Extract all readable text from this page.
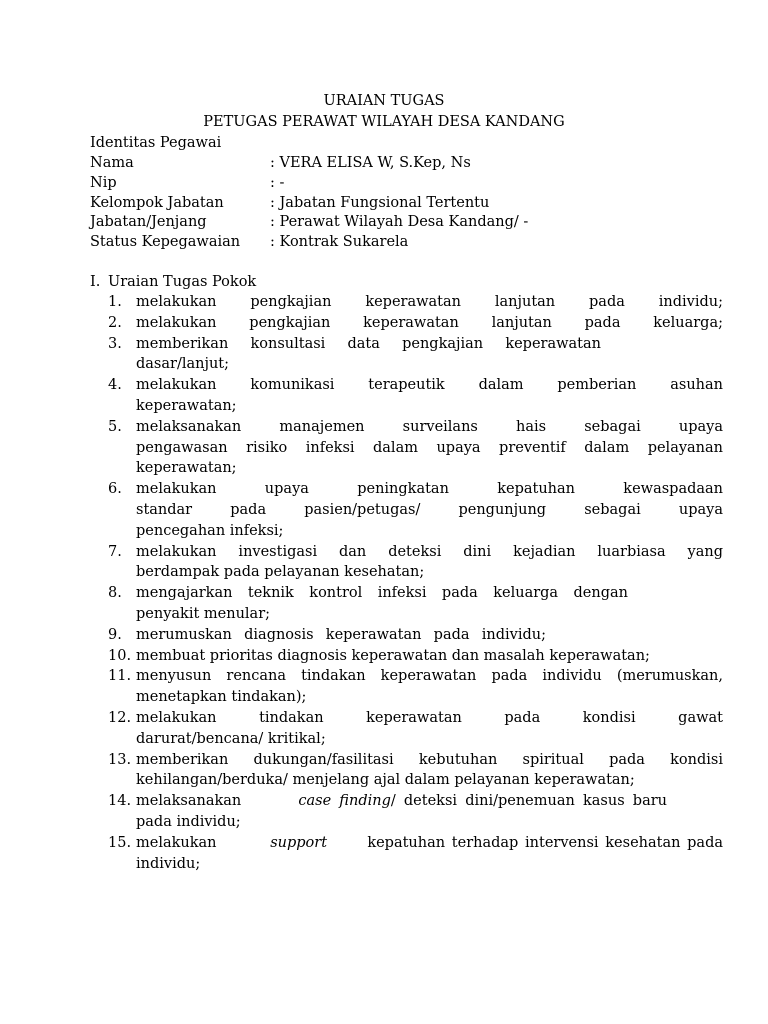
URAIAN TUGAS
PETUGAS PERAWAT WILAYAH DESA KANDANG
Identitas Pegawai
Nama	: VERA ELISA W, S.Kep, Ns
Nip	: -
Kelompok Jabatan	: Jabatan Fungsional Tertentu
Jabatan/Jenjang	: Perawat Wilayah Desa Kandang/ -
Status Kepegawaian : Kontrak Sukarela
I. Uraian Tugas Pokok
1. melakukan pengkajian keperawatan lanjutan pada individu;
2. melakukan pengkajian keperawatan lanjutan pada keluarga;
3. memberikan konsultasi data pengkajian keperawatan
dasar/lanjut;
4. melakukan komunikasi terapeutik dalam pemberian asuhan
keperawatan;
5. melaksanakan manajemen surveilans hais sebagai upaya
pengawasan risiko infeksi dalam upaya preventif dalam pelayanan
keperawatan;
6. melakukan upaya peningkatan kepatuhan kewaspadaan
standar pada pasien/petugas/ pengunjung sebagai upaya
pencegahan infeksi;
7. melakukan investigasi dan deteksi dini kejadian luarbiasa yang
berdampak pada pelayanan kesehatan;
8. mengajarkan teknik kontrol infeksi pada keluarga dengan
penyakit menular;
9. merumuskan diagnosis keperawatan pada individu;
10. membuat prioritas diagnosis keperawatan dan masalah keperawatan;
11. menyusun rencana tindakan keperawatan pada individu (merumuskan,
menetapkan tindakan);
12. melakukan tindakan keperawatan pada kondisi gawat
darurat/bencana/ kritikal;
13. memberikan dukungan/fasilitasi kebutuhan spiritual pada kondisi
kehilangan/berduka/ menjelang ajal dalam pelayanan keperawatan;
14. melaksanakan	case finding/ deteksi dini/penemuan kasus baru
pada individu;
15. melakukan	support	kepatuhan terhadap intervensi kesehatan pada
individu;
